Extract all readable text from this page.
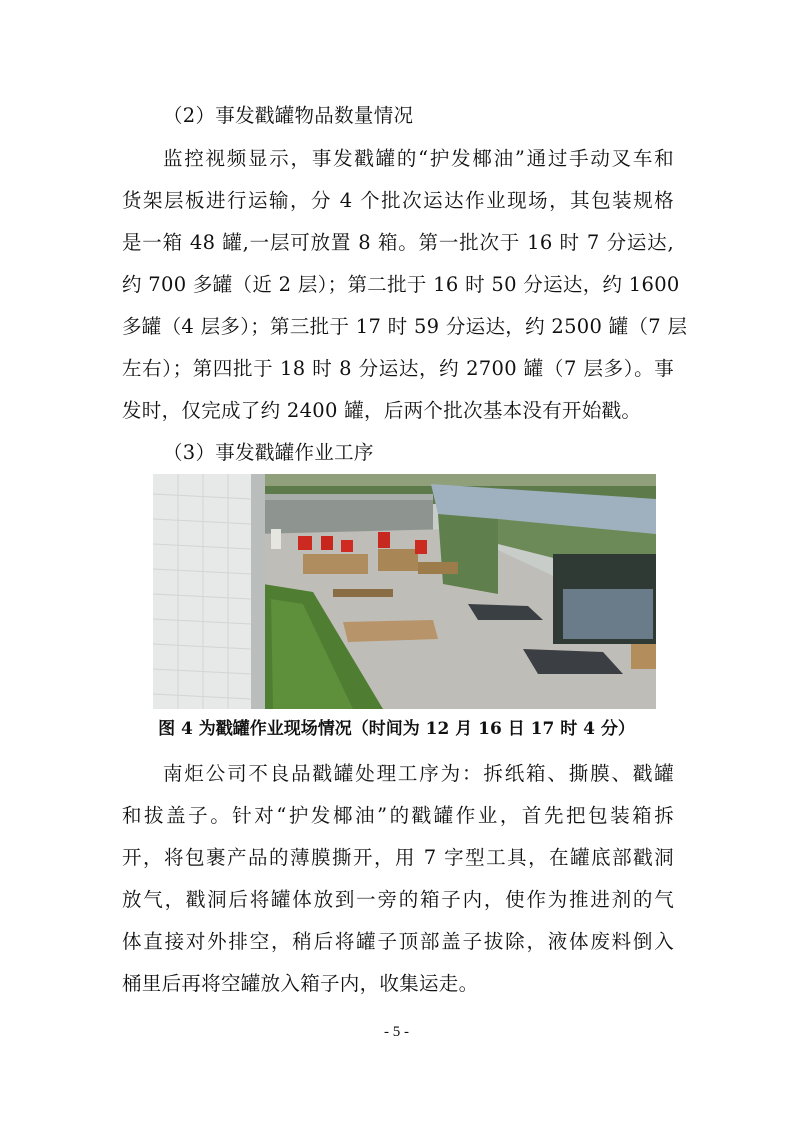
（2）事发戳罐物品数量情况
监控视频显示，事发戳罐的“护发椰油”通过手动叉车和
货架层板进行运输，分 4 个批次运达作业现场，其包装规格
是一箱 48 罐,一层可放置 8 箱。第一批次于 16 时 7 分运达,
约 700 多罐（近 2 层）；第二批于 16 时 50 分运达，约 1600
多罐（4 层多）；第三批于 17 时 59 分运达，约 2500 罐（7 层
左右）；第四批于 18 时 8 分运达，约 2700 罐（7 层多）。事
发时，仅完成了约 2400 罐，后两个批次基本没有开始戳。
（3）事发戳罐作业工序
图 4 为戳罐作业现场情况（时间为 12 月 16 日 17 时 4 分）
南炬公司不良品戳罐处理工序为：拆纸箱、撕膜、戳罐
和拔盖子。针对“护发椰油”的戳罐作业，首先把包装箱拆
开，将包裹产品的薄膜撕开，用 7 字型工具，在罐底部戳洞
放气，戳洞后将罐体放到一旁的箱子内，使作为推进剂的气
体直接对外排空，稍后将罐子顶部盖子拔除，液体废料倒入
桶里后再将空罐放入箱子内，收集运走。
- 5 -
